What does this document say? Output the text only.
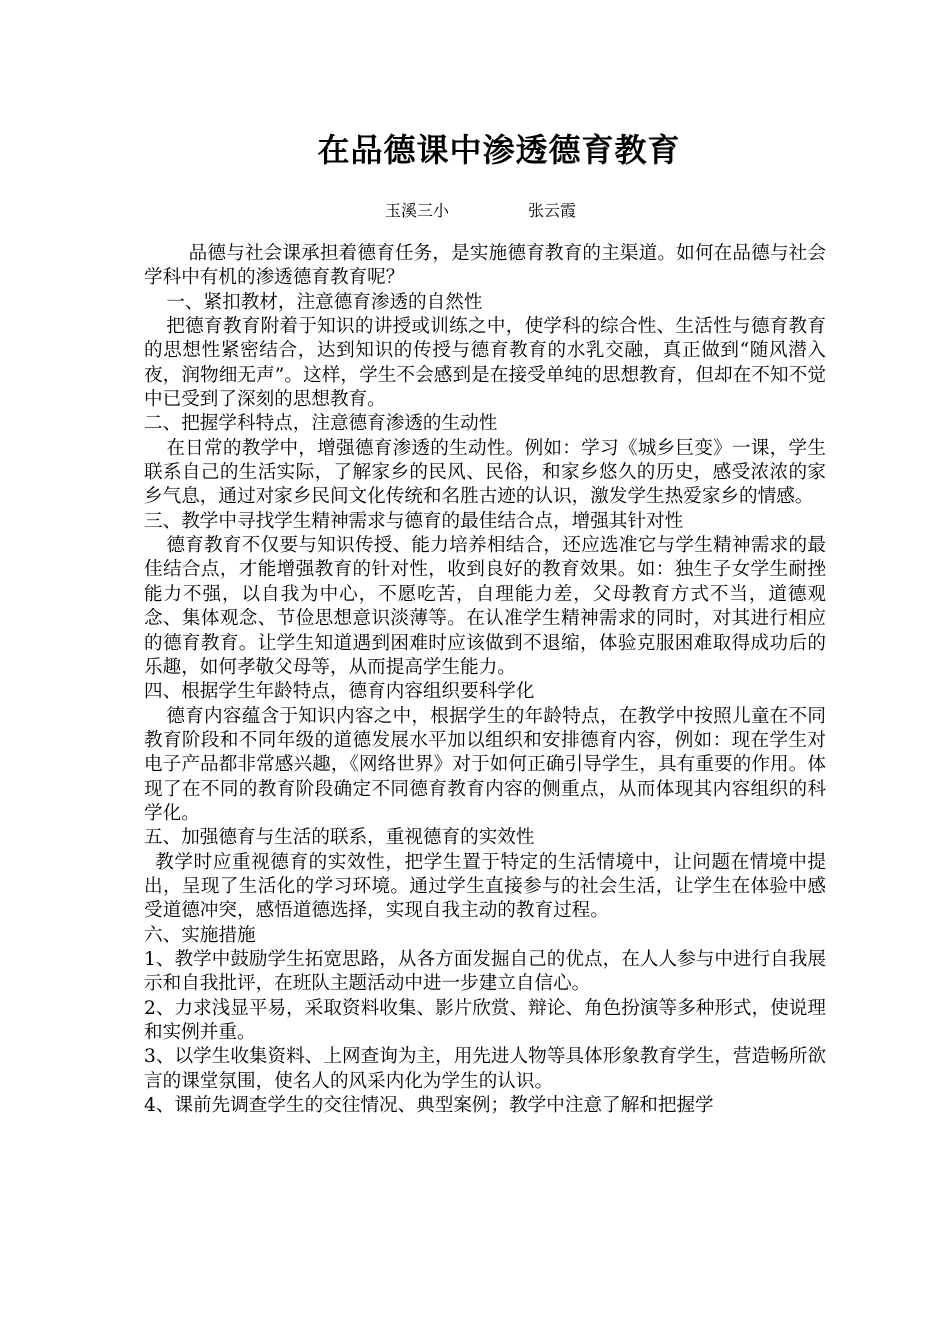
在品德课中渗透德育教育
玉溪三小	张云霞

品德与社会课承担着德育任务，是实施德育教育的主渠道。如何在品德与社会学科中有机的渗透德育教育呢？

一、紧扣教材，注意德育渗透的自然性

把德育教育附着于知识的讲授或训练之中，使学科的综合性、生活性与德育教育的思想性紧密结合，达到知识的传授与德育教育的水乳交融，真正做到“随风潜入夜，润物细无声”。这样，学生不会感到是在接受单纯的思想教育，但却在不知不觉中已受到了深刻的思想教育。

二、把握学科特点，注意德育渗透的生动性

在日常的教学中，增强德育渗透的生动性。例如：学习《城乡巨变》一课，学生联系自己的生活实际，了解家乡的民风、民俗，和家乡悠久的历史，感受浓浓的家乡气息，通过对家乡民间文化传统和名胜古迹的认识，激发学生热爱家乡的情感。

三、教学中寻找学生精神需求与德育的最佳结合点，增强其针对性

德育教育不仅要与知识传授、能力培养相结合，还应选准它与学生精神需求的最佳结合点，才能增强教育的针对性，收到良好的教育效果。如：独生子女学生耐挫能力不强，以自我为中心，不愿吃苦，自理能力差，父母教育方式不当，道德观念、集体观念、节俭思想意识淡薄等。在认准学生精神需求的同时，对其进行相应的德育教育。让学生知道遇到困难时应该做到不退缩，体验克服困难取得成功后的乐趣，如何孝敬父母等，从而提高学生能力。

四、根据学生年龄特点，德育内容组织要科学化

德育内容蕴含于知识内容之中，根据学生的年龄特点，在教学中按照儿童在不同教育阶段和不同年级的道德发展水平加以组织和安排德育内容，例如：现在学生对电子产品都非常感兴趣，《网络世界》对于如何正确引导学生，具有重要的作用。体现了在不同的教育阶段确定不同德育教育内容的侧重点，从而体现其内容组织的科学化。

五、加强德育与生活的联系，重视德育的实效性

教学时应重视德育的实效性，把学生置于特定的生活情境中，让问题在情境中提出，呈现了生活化的学习环境。通过学生直接参与的社会生活，让学生在体验中感受道德冲突，感悟道德选择，实现自我主动的教育过程。

六、实施措施

1、教学中鼓励学生拓宽思路，从各方面发掘自己的优点，在人人参与中进行自我展示和自我批评，在班队主题活动中进一步建立自信心。

2、力求浅显平易，采取资料收集、影片欣赏、辩论、角色扮演等多种形式，使说理和实例并重。

3、以学生收集资料、上网查询为主，用先进人物等具体形象教育学生，营造畅所欲言的课堂氛围，使名人的风采内化为学生的认识。

4、课前先调查学生的交往情况、典型案例；教学中注意了解和把握学
